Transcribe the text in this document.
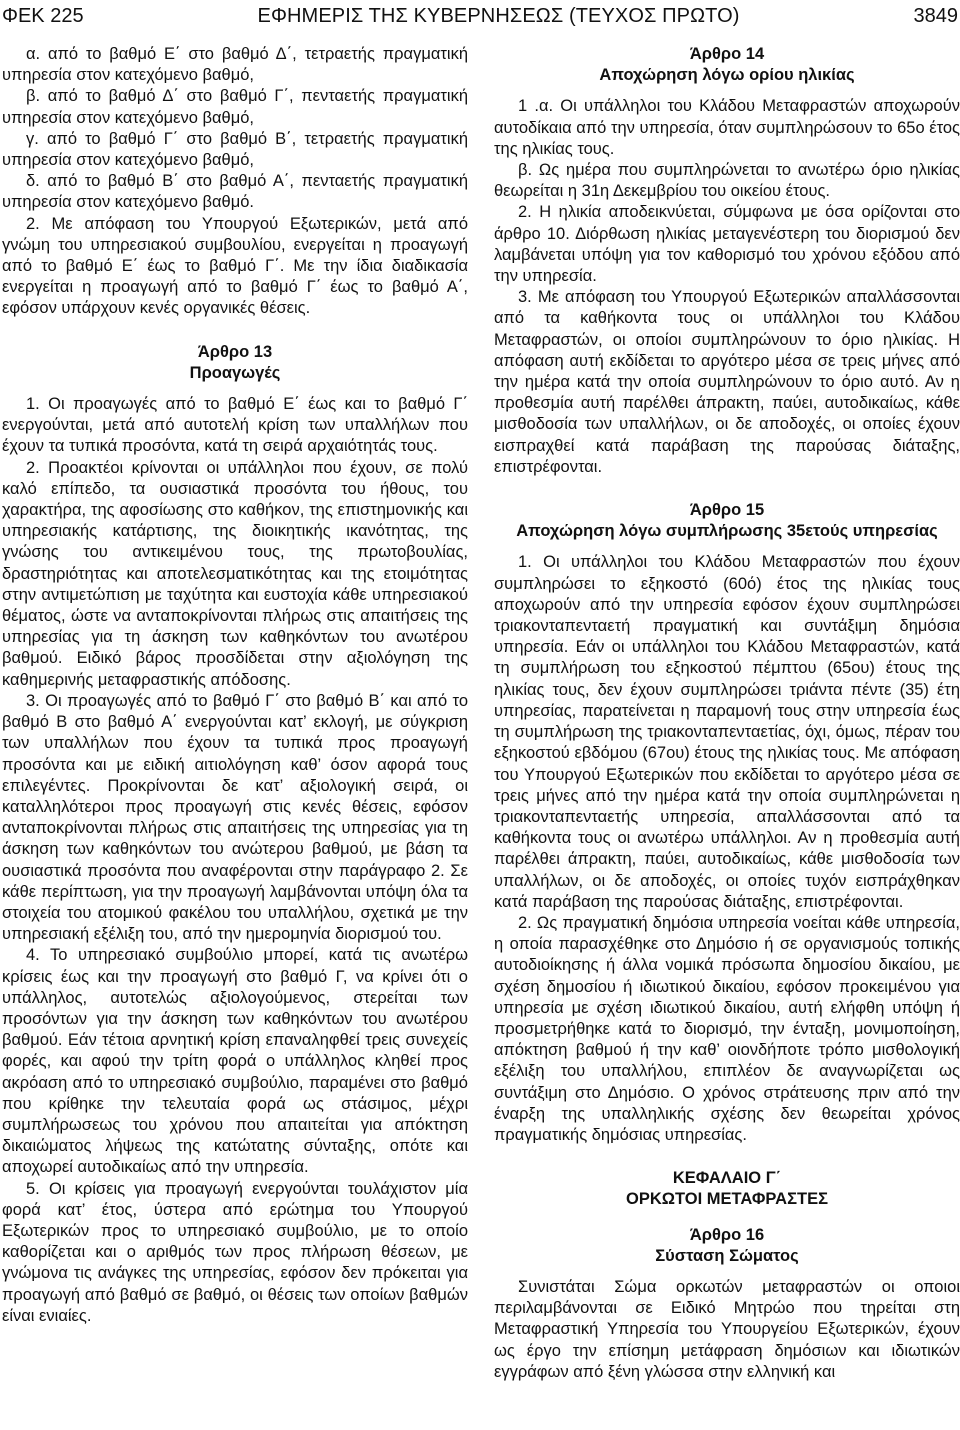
ΦΕΚ 225	ΕΦΗΜΕΡΙΣ ΤΗΣ ΚΥΒΕΡΝΗΣΕΩΣ (ΤΕΥΧΟΣ ΠΡΩΤΟ)	3849

α. από το βαθμό Ε΄ στο βαθμό Δ΄, τετραετής πραγματική υπηρεσία στον κατεχόμενο βαθμό,

β. από το βαθμό Δ΄ στο βαθμό Γ΄, πενταετής πραγματική υπηρεσία στον κατεχόμενο βαθμό,

γ. από το βαθμό Γ΄ στο βαθμό Β΄, τετραετής πραγματική υπηρεσία στον κατεχόμενο βαθμό,

δ. από το βαθμό Β΄ στο βαθμό Α΄, πενταετής πραγματική υπηρεσία στον κατεχόμενο βαθμό.

2. Με απόφαση του Υπουργού Εξωτερικών, μετά από γνώμη του υπηρεσιακού συμβουλίου, ενεργείται η προαγωγή από το βαθμό Ε΄ έως το βαθμό Γ΄. Με την ίδια διαδικασία ενεργείται η προαγωγή από το βαθμό Γ΄ έως το βαθμό Α΄, εφόσον υπάρχουν κενές οργανικές θέσεις.

Άρθρο 13
Προαγωγές

1. Οι προαγωγές από το βαθμό Ε΄ έως και το βαθμό Γ΄ ενεργούνται, μετά από αυτοτελή κρίση των υπαλλήλων που έχουν τα τυπικά προσόντα, κατά τη σειρά αρχαιότητάς τους.

2. Προακτέοι κρίνονται οι υπάλληλοι που έχουν, σε πολύ καλό επίπεδο, τα ουσιαστικά προσόντα του ήθους, του χαρακτήρα, της αφοσίωσης στο καθήκον, της επιστημονικής και υπηρεσιακής κατάρτισης, της διοικητικής ικανότητας, της γνώσης του αντικειμένου τους, της πρωτοβουλίας, δραστηριότητας και αποτελεσματικότητας και της ετοιμότητας στην αντιμετώπιση με ταχύτητα και ευστοχία κάθε υπηρεσιακού θέματος, ώστε να ανταποκρίνονται πλήρως στις απαιτήσεις της υπηρεσίας για τη άσκηση των καθηκόντων του ανωτέρου βαθμού. Ειδικό βάρος προσδίδεται στην αξιολόγηση της καθημερινής μεταφραστικής απόδοσης.

3. Οι προαγωγές από το βαθμό Γ΄ στο βαθμό Β΄ και από το βαθμό Β στο βαθμό Α΄ ενεργούνται κατ’ εκλογή, με σύγκριση των υπαλλήλων που έχουν τα τυπικά προς προαγωγή προσόντα και με ειδική αιτιολόγηση καθ’ όσον αφορά τους επιλεγέντες. Προκρίνονται δε κατ’ αξιολογική σειρά, οι καταλληλότεροι προς προαγωγή στις κενές θέσεις, εφόσον ανταποκρίνονται πλήρως στις απαιτήσεις της υπηρεσίας για τη άσκηση των καθηκόντων του ανώτερου βαθμού, με βάση τα ουσιαστικά προσόντα που αναφέρονται στην παράγραφο 2. Σε κάθε περίπτωση, για την προαγωγή λαμβάνονται υπόψη όλα τα στοιχεία του ατομικού φακέλου του υπαλλήλου, σχετικά με την υπηρεσιακή εξέλιξη του, από την ημερομηνία διορισμού του.

4. Το υπηρεσιακό συμβούλιο μπορεί, κατά τις ανωτέρω κρίσεις έως και την προαγωγή στο βαθμό Γ, να κρίνει ότι ο υπάλληλος, αυτοτελώς αξιολογούμενος, στερείται των προσόντων για την άσκηση των καθηκόντων του ανωτέρου βαθμού. Εάν τέτοια αρνητική κρίση επαναληφθεί τρεις συνεχείς φορές, και αφού την τρίτη φορά ο υπάλληλος κληθεί προς ακρόαση από το υπηρεσιακό συμβούλιο, παραμένει στο βαθμό που κρίθηκε την τελευταία φορά ως στάσιμος, μέχρι συμπλήρωσεως του χρόνου που απαιτείται για απόκτηση δικαιώματος λήψεως της κατώτατης σύνταξης, οπότε και αποχωρεί αυτοδικαίως από την υπηρεσία.

5. Οι κρίσεις για προαγωγή ενεργούνται τουλάχιστον μία φορά κατ’ έτος, ύστερα από ερώτημα του Υπουργού Εξωτερικών προς το υπηρεσιακό συμβούλιο, με το οποίο καθορίζεται και ο αριθμός των προς πλήρωση θέσεων, με γνώμονα τις ανάγκες της υπηρεσίας, εφόσον δεν πρόκειται για προαγωγή από βαθμό σε βαθμό, οι θέσεις των οποίων βαθμών είναι ενιαίες.

Άρθρο 14
Αποχώρηση λόγω ορίου ηλικίας

1 .α. Οι υπάλληλοι του Κλάδου Μεταφραστών αποχωρούν αυτοδίκαια από την υπηρεσία, όταν συμπληρώσουν το 65ο έτος της ηλικίας τους.

β. Ως ημέρα που συμπληρώνεται το ανωτέρω όριο ηλικίας θεωρείται η 31η Δεκεμβρίου του οικείου έτους.

2. Η ηλικία αποδεικνύεται, σύμφωνα με όσα ορίζονται στο άρθρο 10. Διόρθωση ηλικίας μεταγενέστερη του διορισμού δεν λαμβάνεται υπόψη για τον καθορισμό του χρόνου εξόδου από την υπηρεσία.

3. Με απόφαση του Υπουργού Εξωτερικών απαλλάσσονται από τα καθήκοντα τους οι υπάλληλοι του Κλάδου Μεταφραστών, οι οποίοι συμπληρώνουν το όριο ηλικίας. Η απόφαση αυτή εκδίδεται το αργότερο μέσα σε τρεις μήνες από την ημέρα κατά την οποία συμπληρώνουν το όριο αυτό. Αν η προθεσμία αυτή παρέλθει άπρακτη, παύει, αυτοδικαίως, κάθε μισθοδοσία των υπαλλήλων, οι δε αποδοχές, οι οποίες έχουν εισπραχθεί κατά παράβαση της παρούσας διάταξης, επιστρέφονται.

Άρθρο 15
Αποχώρηση λόγω συμπλήρωσης 35ετούς υπηρεσίας

1. Οι υπάλληλοι του Κλάδου Μεταφραστών που έχουν συμπληρώσει το εξηκοστό (60ό) έτος της ηλικίας τους αποχωρούν από την υπηρεσία εφόσον έχουν συμπληρώσει τριακονταπενταετή πραγματική και συντάξιμη δημόσια υπηρεσία. Εάν οι υπάλληλοι του Κλάδου Μεταφραστών, κατά τη συμπλήρωση του εξηκοστού πέμπτου (65ου) έτους της ηλικίας τους, δεν έχουν συμπληρώσει τριάντα πέντε (35) έτη υπηρεσίας, παρατείνεται η παραμονή τους στην υπηρεσία έως τη συμπλήρωση της τριακονταπενταετίας, όχι, όμως, πέραν του εξηκοστού εβδόμου (67ου) έτους της ηλικίας τους. Με απόφαση του Υπουργού Εξωτερικών που εκδίδεται το αργότερο μέσα σε τρεις μήνες από την ημέρα κατά την οποία συμπληρώνεται η τριακονταπενταετής υπηρεσία, απαλλάσσονται από τα καθήκοντα τους οι ανωτέρω υπάλληλοι. Αν η προθεσμία αυτή παρέλθει άπρακτη, παύει, αυτοδικαίως, κάθε μισθοδοσία των υπαλλήλων, οι δε αποδοχές, οι οποίες τυχόν εισπράχθηκαν κατά παράβαση της παρούσας διάταξης, επιστρέφονται.

2. Ως πραγματική δημόσια υπηρεσία νοείται κάθε υπηρεσία, η οποία παρασχέθηκε στο Δημόσιο ή σε οργανισμούς τοπικής αυτοδιοίκησης ή άλλα νομικά πρόσωπα δημοσίου δικαίου, με σχέση δημοσίου ή ιδιωτικού δικαίου, εφόσον προκειμένου για υπηρεσία με σχέση ιδιωτικού δικαίου, αυτή ελήφθη υπόψη ή προσμετρήθηκε κατά το διορισμό, την ένταξη, μονιμοποίηση, απόκτηση βαθμού ή την καθ’ οιονδήποτε τρόπο μισθολογική εξέλιξη του υπαλλήλου, επιπλέον δε αναγνωρίζεται ως συντάξιμη στο Δημόσιο. Ο χρόνος στράτευσης πριν από την έναρξη της υπαλληλικής σχέσης δεν θεωρείται χρόνος πραγματικής δημόσιας υπηρεσίας.

ΚΕΦΑΛΑΙΟ Γ΄
ΟΡΚΩΤΟΙ ΜΕΤΑΦΡΑΣΤΕΣ
Άρθρο 16
Σύσταση Σώματος

Συνιστάται Σώμα ορκωτών μεταφραστών οι οποιοι περιλαμβάνονται σε Ειδικό Μητρώο που τηρείται στη Μεταφραστική Υπηρεσία του Υπουργείου Εξωτερικών, έχουν ως έργο την επίσημη μετάφραση δημόσιων και ιδιωτικών εγγράφων από ξένη γλώσσα στην ελληνική και
